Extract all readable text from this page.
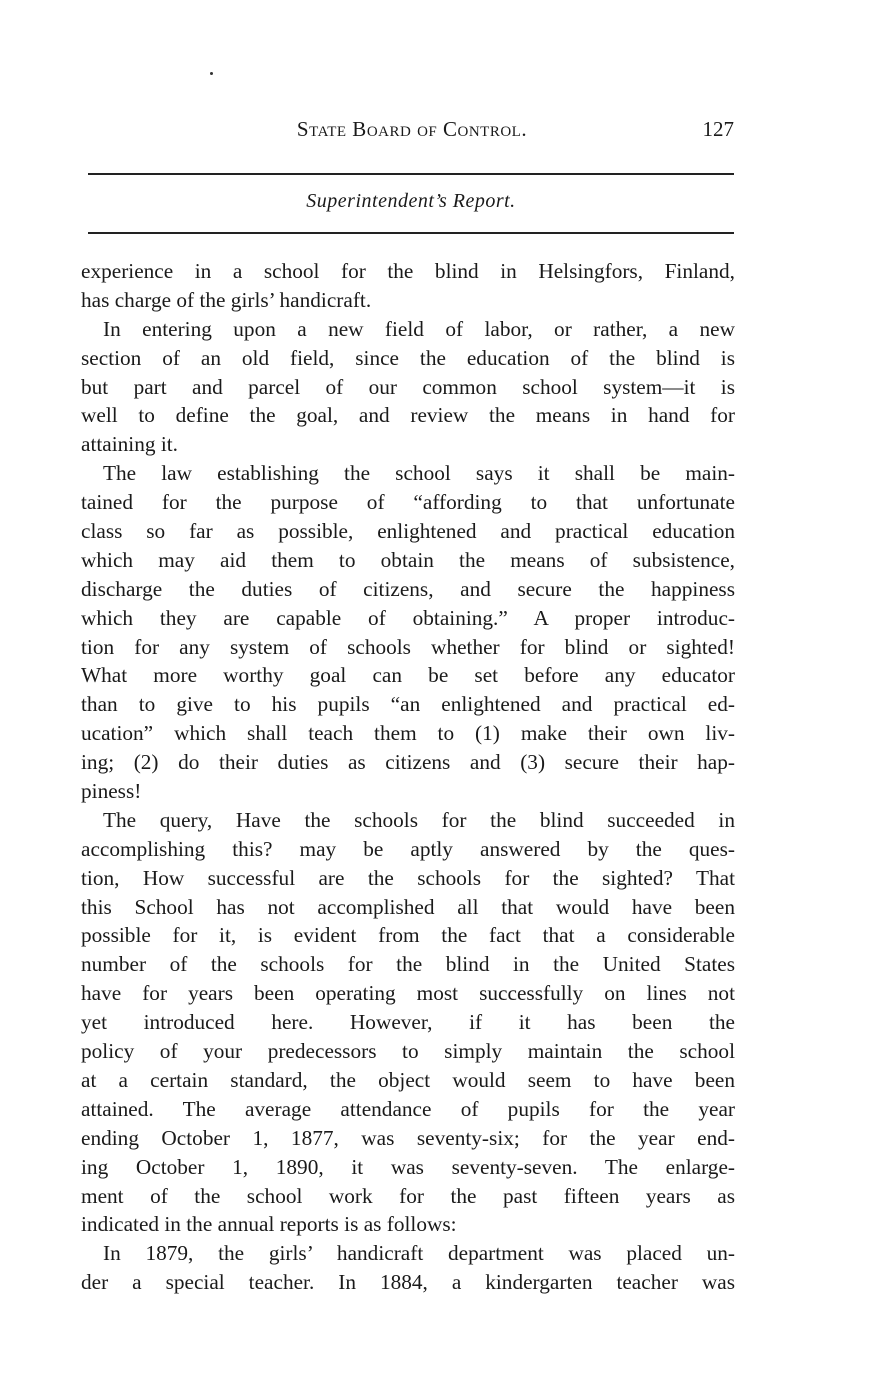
State Board of Control.	127
Superintendent’s Report.
experience in a school for the blind in Helsingfors, Finland,
has charge of the girls’ handicraft.
In entering upon a new field of labor, or rather, a new
section of an old field, since the education of the blind is
but part and parcel of our common school system—it is
well to define the goal, and review the means in hand for
attaining it.
The law establishing the school says it shall be main-
tained for the purpose of “affording to that unfortunate
class so far as possible, enlightened and practical education
which may aid them to obtain the means of subsistence,
discharge the duties of citizens, and secure the happiness
which they are capable of obtaining.” A proper introduc-
tion for any system of schools whether for blind or sighted!
What more worthy goal can be set before any educator
than to give to his pupils “an enlightened and practical ed-
ucation” which shall teach them to (1) make their own liv-
ing; (2) do their duties as citizens and (3) secure their hap-
piness!
The query, Have the schools for the blind succeeded in
accomplishing this? may be aptly answered by the ques-
tion, How successful are the schools for the sighted? That
this School has not accomplished all that would have been
possible for it, is evident from the fact that a considerable
number of the schools for the blind in the United States
have for years been operating most successfully on lines not
yet introduced here. However, if it has been the
policy of your predecessors to simply maintain the school
at a certain standard, the object would seem to have been
attained. The average attendance of pupils for the year
ending October 1, 1877, was seventy-six; for the year end-
ing October 1, 1890, it was seventy-seven. The enlarge-
ment of the school work for the past fifteen years as
indicated in the annual reports is as follows:
In 1879, the girls’ handicraft department was placed un-
der a special teacher. In 1884, a kindergarten teacher was
